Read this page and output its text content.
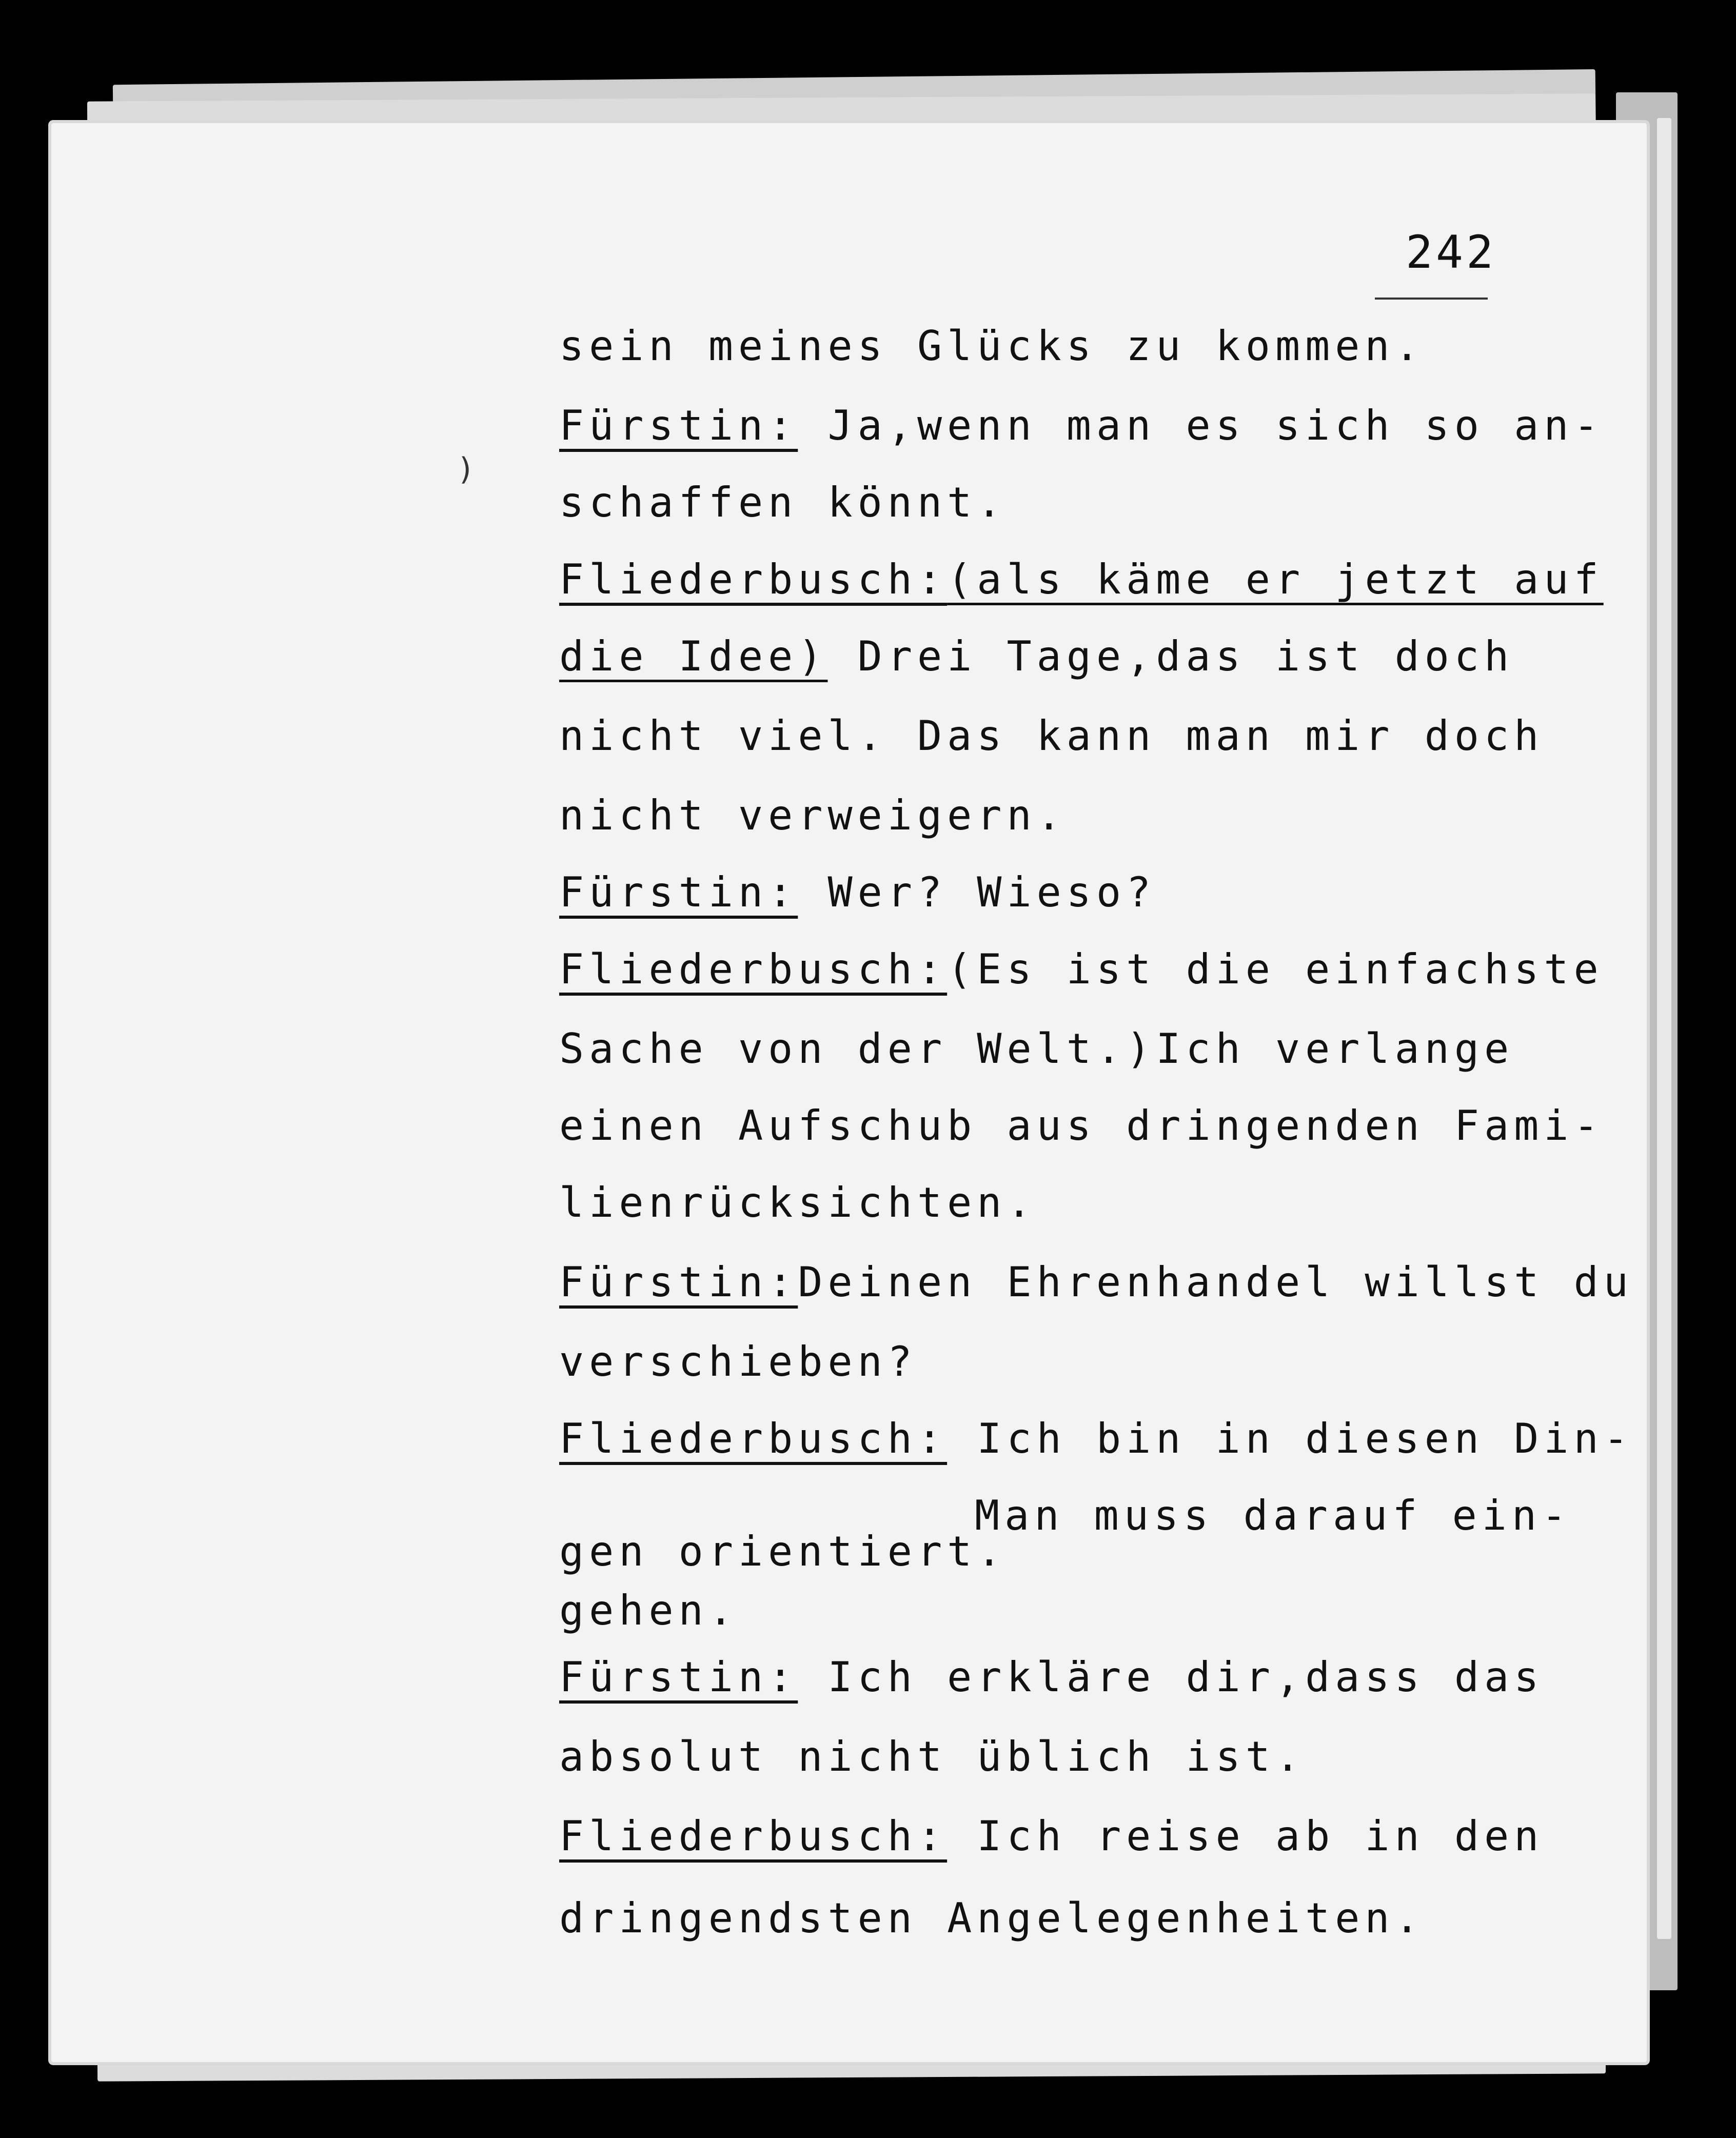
242
)
sein meines Glücks zu kommen.
Fürstin: Ja,wenn man es sich so an-
schaffen könnt.
Fliederbusch:(als käme er jetzt auf
die Idee) Drei Tage,das ist doch
nicht viel. Das kann man mir doch
nicht verweigern.
Fürstin: Wer? Wieso?
Fliederbusch:(Es ist die einfachste
Sache von der Welt.)Ich verlange
einen Aufschub aus dringenden Fami-
lienrücksichten.
Fürstin:Deinen Ehrenhandel willst du
verschieben?
Fliederbusch: Ich bin in diesen Din-
Man muss darauf ein-
gen orientiert.
gehen.
Fürstin: Ich erkläre dir,dass das
absolut nicht üblich ist.
Fliederbusch: Ich reise ab in den
dringendsten Angelegenheiten.
